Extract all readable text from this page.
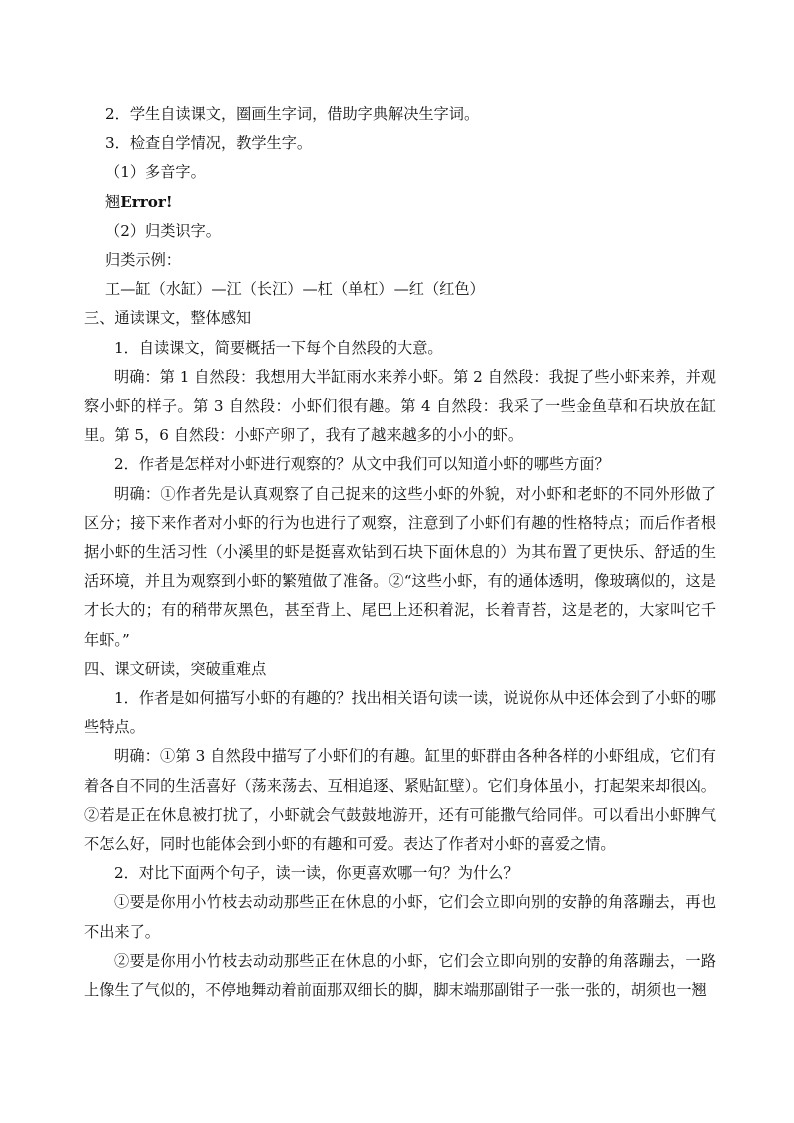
2．学生自读课文，圈画生字词，借助字典解决生字词。

3．检查自学情况，教学生字。

（1）多音字。

翘Error!

（2）归类识字。

归类示例：

工—缸（水缸）—江（长江）—杠（单杠）—红（红色）

三、通读课文，整体感知

1．自读课文，简要概括一下每个自然段的大意。

明确：第 1 自然段：我想用大半缸雨水来养小虾。第 2 自然段：我捉了些小虾来养，并观察小虾的样子。第 3 自然段：小虾们很有趣。第 4 自然段：我采了一些金鱼草和石块放在缸里。第 5，6 自然段：小虾产卵了，我有了越来越多的小小的虾。

2．作者是怎样对小虾进行观察的？从文中我们可以知道小虾的哪些方面？

明确：①作者先是认真观察了自己捉来的这些小虾的外貌，对小虾和老虾的不同外形做了区分；接下来作者对小虾的行为也进行了观察，注意到了小虾们有趣的性格特点；而后作者根据小虾的生活习性（小溪里的虾是挺喜欢钻到石块下面休息的）为其布置了更快乐、舒适的生活环境，并且为观察到小虾的繁殖做了准备。②“这些小虾，有的通体透明，像玻璃似的，这是才长大的；有的稍带灰黑色，甚至背上、尾巴上还积着泥，长着青苔，这是老的，大家叫它千年虾。”

四、课文研读，突破重难点

1．作者是如何描写小虾的有趣的？找出相关语句读一读，说说你从中还体会到了小虾的哪些特点。

明确：①第 3 自然段中描写了小虾们的有趣。缸里的虾群由各种各样的小虾组成，它们有着各自不同的生活喜好（荡来荡去、互相追逐、紧贴缸壁）。它们身体虽小，打起架来却很凶。②若是正在休息被打扰了，小虾就会气鼓鼓地游开，还有可能撒气给同伴。可以看出小虾脾气不怎么好，同时也能体会到小虾的有趣和可爱。表达了作者对小虾的喜爱之情。

2．对比下面两个句子，读一读，你更喜欢哪一句？为什么？

①要是你用小竹枝去动动那些正在休息的小虾，它们会立即向别的安静的角落蹦去，再也不出来了。

②要是你用小竹枝去动动那些正在休息的小虾，它们会立即向别的安静的角落蹦去，一路上像生了气似的，不停地舞动着前面那双细长的脚，脚末端那副钳子一张一张的，胡须也一翘
